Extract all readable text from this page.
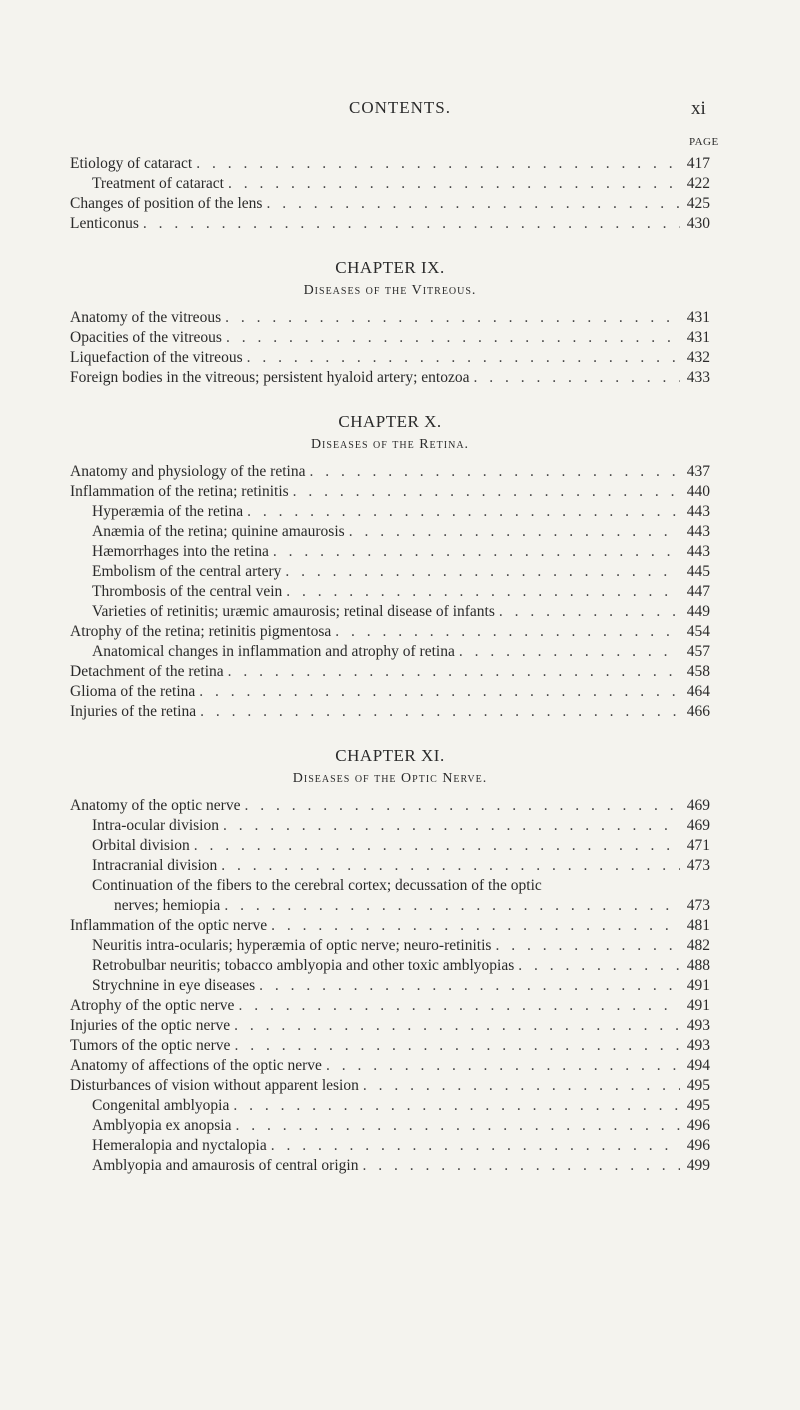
CONTENTS.	xi
PAGE
Etiology of cataract . . .	417
Treatment of cataract . . .	422
Changes of position of the lens . . .	425
Lenticonus . . .	430
CHAPTER IX.
Diseases of the Vitreous.
Anatomy of the vitreous . . .	431
Opacities of the vitreous . . .	431
Liquefaction of the vitreous . . .	432
Foreign bodies in the vitreous; persistent hyaloid artery; entozoa . . .	433
CHAPTER X.
Diseases of the Retina.
Anatomy and physiology of the retina . . .	437
Inflammation of the retina; retinitis . . .	440
Hyperæmia of the retina . . .	443
Anæmia of the retina; quinine amaurosis . . .	443
Hæmorrhages into the retina . . .	443
Embolism of the central artery . . .	445
Thrombosis of the central vein . . .	447
Varieties of retinitis; uræmic amaurosis; retinal disease of infants . . .	449
Atrophy of the retina; retinitis pigmentosa . . .	454
Anatomical changes in inflammation and atrophy of retina . . .	457
Detachment of the retina . . .	458
Glioma of the retina . . .	464
Injuries of the retina . . .	466
CHAPTER XI.
Diseases of the Optic Nerve.
Anatomy of the optic nerve . . .	469
Intra-ocular division . . .	469
Orbital division . . .	471
Intracranial division . . .	473
Continuation of the fibers to the cerebral cortex; decussation of the optic
nerves; hemiopia . . .	473
Inflammation of the optic nerve . . .	481
Neuritis intra-ocularis; hyperæmia of optic nerve; neuro-retinitis . . .	482
Retrobulbar neuritis; tobacco amblyopia and other toxic amblyopias . . .	488
Strychnine in eye diseases . . .	491
Atrophy of the optic nerve . . .	491
Injuries of the optic nerve . . .	493
Tumors of the optic nerve . . .	493
Anatomy of affections of the optic nerve . . .	494
Disturbances of vision without apparent lesion . . .	495
Congenital amblyopia . . .	495
Amblyopia ex anopsia . . .	496
Hemeralopia and nyctalopia . . .	496
Amblyopia and amaurosis of central origin . . .	499
